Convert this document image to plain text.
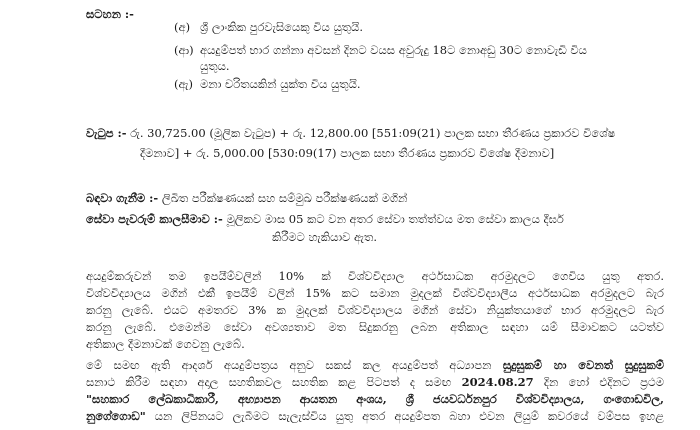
සටහන :-
(අ) ශ්‍රී ලාංකික පුරවැසියෙකු විය යුතුයි.
(ආ) අයදුම්පත් භාර ගන්නා අවසන් දිනට වයස අවුරුදු 18ට නොඅඩු 30ට නොවැඩි විය
යුතුය.
(ඇ) මනා චරිතයකින් යුක්ත විය යුතුයි.
වැටුප :- රු. 30,725.00 (මූලික වැටුප) + රු. 12,800.00 [551:09(21) පාලක සභා තීරණය ප්‍රකාරව විශේෂ
දීමනාව] + රු. 5,000.00 [530:09(17) පාලක සභා තීරණය ප්‍රකාරව විශේෂ දීමනාව]
බඳවා ගැනීම :- ලිඛිත පරීක්ෂණයක් සහ සම්මුඛ පරීක්ෂණයක් මගින්
සේවා පැවරුම් කාලසීමාව :- මූලිකව මාස 05 කට වන අතර සේවා තත්ත්වය මත සේවා කාලය දීර්ඝ
කිරීමට හැකියාව ඇත.
අයදුම්කරුවන් තම ඉපයීම්වලින් 10% ක් විශ්වවිද්‍යාල අර්ථසාධක අරමුදලට ගෙවිය යුතු අතර.
විශ්වවිද්‍යාලය මගින් එකී ඉපයීම් වලින් 15% කට සමාන මුදලක් විශ්වවිද්‍යාලීය අර්ථසාධක අරමුදලට බැර
කරනු ලැබේ. එයට අමතරව 3% ක මුදලක් විශ්වවිද්‍යාලය මගින් සේවා නියුක්තයාගේ භාර අරමුදලට බැර
කරනු ලැබේ. එමෙන්ම සේවා අවශ්‍යතාව මත සිදුකරනු ලබන අතිකාල සඳහා යම් සීමාවකට යටත්ව
අතිකාල දීමනාවක් ගෙවනු ලැබේ.
මේ සමඟ ඇති ආදර්ශ අයදුම්පත්‍රය අනුව සකස් කල අයදුම්පත් අධ්‍යාපන සුදුසුකම් හා වෙනත් සුදුසුකම්
සනාථ කිරීම සඳහා අදාල සහතිකවල සහතික කළ පිටපත් ද සමඟ 2024.08.27 දින හෝ එදිනට ප්‍රථම
"සහකාර ලේඛකාධිකාරී, අභ්‍යාපන ආයතන අංශය, ශ්‍රී ජයවර්ධනපුර විශ්වවිද්‍යාලය, ගංගොඩවිල,
නුගේගොඩ" යන ලිපිනයට ලැබීමට සැලැස්විය යුතු අතර අයදුම්පත බහා එවන ලියුම් කවරයේ වම්පස ඉහළ
